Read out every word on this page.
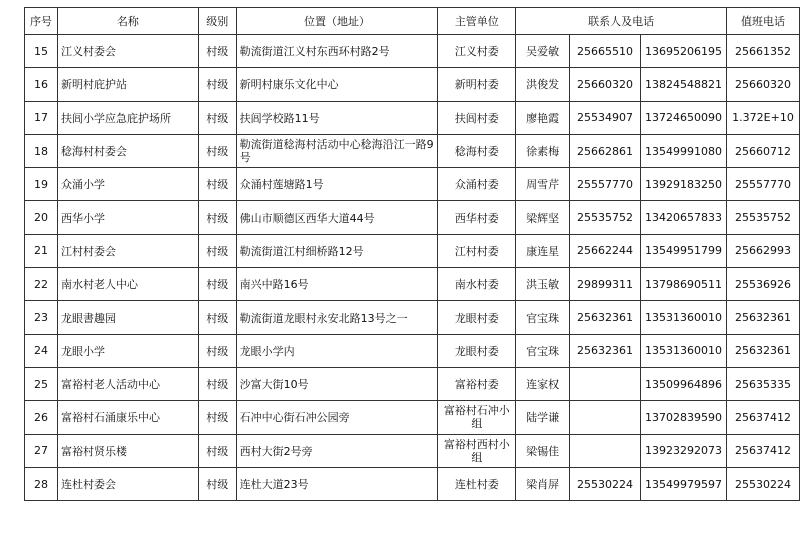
序号	名称	级别	位置（地址）	主管单位	联系人及电话			值班电话
15	江义村委会	村级	勒流街道江义村东西环村路2号	江义村委	吴爱敏	25665510	13695206195	25661352
16	新明村庇护站	村级	新明村康乐文化中心	新明村委	洪俊发	25660320	13824548821	25660320
17	扶闾小学应急庇护场所	村级	扶闾学校路11号	扶闾村委	廖艳霞	25534907	13724650090	1.372E+10
18	稔海村村委会	村级	勒流街道稔海村活动中心稔海沿江一路9号	稔海村委	徐素梅	25662861	13549991080	25660712
19	众涌小学	村级	众涌村莲塘路1号	众涌村委	周雪芹	25557770	13929183250	25557770
20	西华小学	村级	佛山市顺德区西华大道44号	西华村委	梁辉坚	25535752	13420657833	25535752
21	江村村委会	村级	勒流街道江村细桥路12号	江村村委	康连星	25662244	13549951799	25662993
22	南水村老人中心	村级	南兴中路16号	南水村委	洪玉敏	29899311	13798690511	25536926
23	龙眼書趣园	村级	勒流街道龙眼村永安北路13号之一	龙眼村委	官宝珠	25632361	13531360010	25632361
24	龙眼小学	村级	龙眼小学内	龙眼村委	官宝珠	25632361	13531360010	25632361
25	富裕村老人活动中心	村级	沙富大街10号	富裕村委	连家权		13509964896	25635335
26	富裕村石涌康乐中心	村级	石冲中心街石冲公园旁	富裕村石冲小组	陆学谦		13702839590	25637412
27	富裕村贤乐楼	村级	西村大街2号旁	富裕村西村小组	梁锡佳		13923292073	25637412
28	连杜村委会	村级	连杜大道23号	连杜村委	梁肖屏	25530224	13549979597	25530224
